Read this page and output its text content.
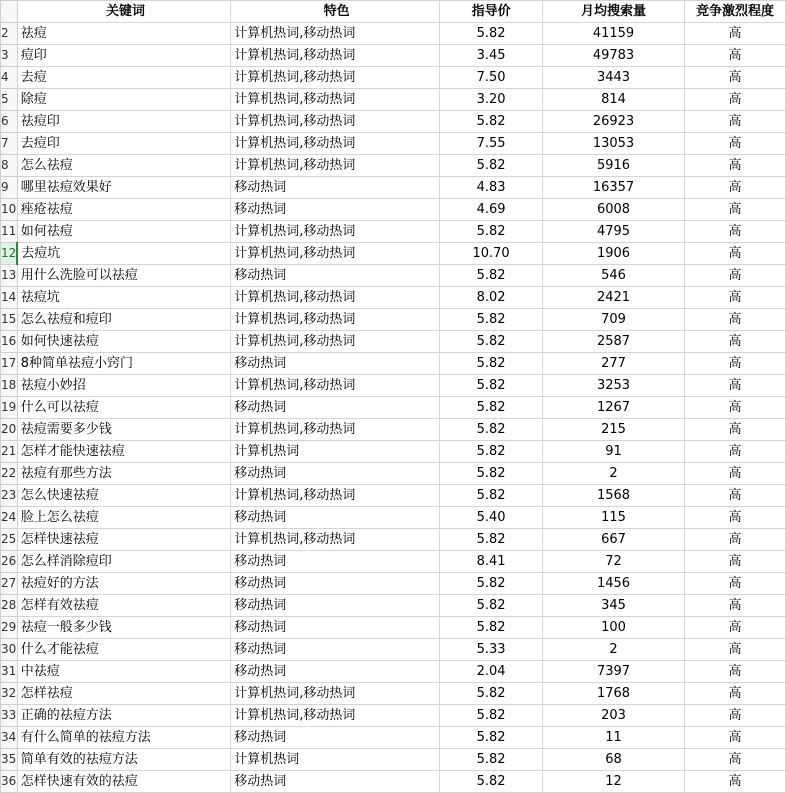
	关键词	特色	指导价	月均搜索量	竞争激烈程度
2	祛痘	计算机热词,移动热词	5.82	41159	高
3	痘印	计算机热词,移动热词	3.45	49783	高
4	去痘	计算机热词,移动热词	7.50	3443	高
5	除痘	计算机热词,移动热词	3.20	814	高
6	祛痘印	计算机热词,移动热词	5.82	26923	高
7	去痘印	计算机热词,移动热词	7.55	13053	高
8	怎么祛痘	计算机热词,移动热词	5.82	5916	高
9	哪里祛痘效果好	移动热词	4.83	16357	高
10	痤疮祛痘	移动热词	4.69	6008	高
11	如何祛痘	计算机热词,移动热词	5.82	4795	高
12	去痘坑	计算机热词,移动热词	10.70	1906	高
13	用什么洗脸可以祛痘	移动热词	5.82	546	高
14	祛痘坑	计算机热词,移动热词	8.02	2421	高
15	怎么祛痘和痘印	计算机热词,移动热词	5.82	709	高
16	如何快速祛痘	计算机热词,移动热词	5.82	2587	高
17	8种简单祛痘小窍门	移动热词	5.82	277	高
18	祛痘小妙招	计算机热词,移动热词	5.82	3253	高
19	什么可以祛痘	移动热词	5.82	1267	高
20	祛痘需要多少钱	计算机热词,移动热词	5.82	215	高
21	怎样才能快速祛痘	计算机热词	5.82	91	高
22	祛痘有那些方法	移动热词	5.82	2	高
23	怎么快速祛痘	计算机热词,移动热词	5.82	1568	高
24	脸上怎么祛痘	移动热词	5.40	115	高
25	怎样快速祛痘	计算机热词,移动热词	5.82	667	高
26	怎么样消除痘印	移动热词	8.41	72	高
27	祛痘好的方法	移动热词	5.82	1456	高
28	怎样有效祛痘	移动热词	5.82	345	高
29	祛痘一般多少钱	移动热词	5.82	100	高
30	什么才能祛痘	移动热词	5.33	2	高
31	中祛痘	移动热词	2.04	7397	高
32	怎样祛痘	计算机热词,移动热词	5.82	1768	高
33	正确的祛痘方法	计算机热词,移动热词	5.82	203	高
34	有什么简单的祛痘方法	移动热词	5.82	11	高
35	简单有效的祛痘方法	计算机热词	5.82	68	高
36	怎样快速有效的祛痘	移动热词	5.82	12	高
